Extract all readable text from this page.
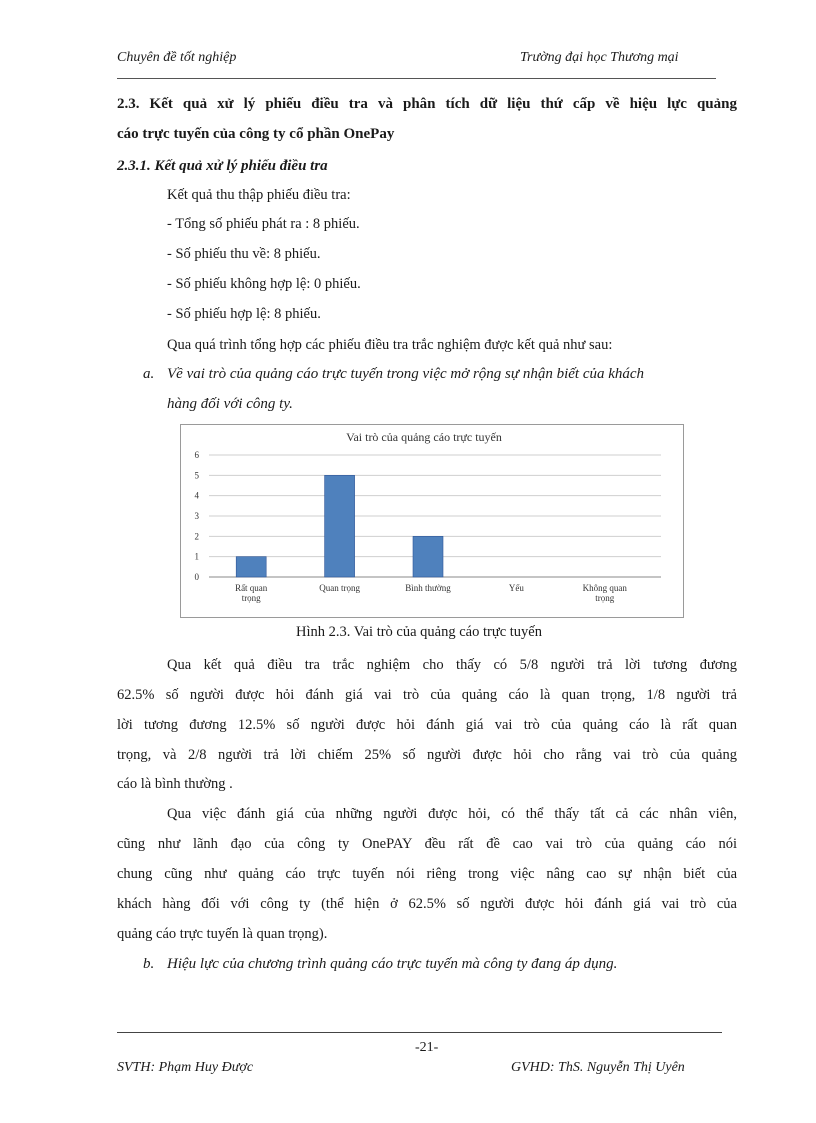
Chuyên đề tốt nghiệp	Trường đại học Thương mại
2.3. Kết quả xử lý phiếu điều tra và phân tích dữ liệu thứ cấp về hiệu lực quảng
cáo trực tuyến của công ty cổ phần OnePay
2.3.1. Kết quả xử lý phiếu điều tra
Kết quả thu thập phiếu điều tra:
- Tổng số phiếu phát ra : 8 phiếu.
- Số phiếu thu về: 8 phiếu.
- Số phiếu không hợp lệ: 0 phiếu.
- Số phiếu hợp lệ: 8 phiếu.
Qua quá trình tổng hợp các phiếu điều tra trắc nghiệm được kết quả như sau:
a. Về vai trò của quảng cáo trực tuyến trong việc mở rộng sự nhận biết của khách
hàng đối với công ty.
Vai trò của quảng cáo trực tuyến
0
1
2
3
4
5
6
Rất quan
trọng
Quan trọng	Bình thường	Yếu	Không quan
trọng
Hình 2.3. Vai trò của quảng cáo trực tuyến
Qua kết quả điều tra trắc nghiệm cho thấy có 5/8 người trả lời tương đương
62.5% số người được hỏi đánh giá vai trò của quảng cáo là quan trọng, 1/8 người trả
lời tương đương 12.5% số người được hỏi đánh giá vai trò của quảng cáo là rất quan
trọng, và 2/8 người trả lời chiếm 25% số người được hỏi cho rằng vai trò của quảng
cáo là bình thường .
Qua việc đánh giá của những người được hỏi, có thể thấy tất cả các nhân viên,
cũng như lãnh đạo của công ty OnePAY đều rất đề cao vai trò của quảng cáo nói
chung cũng như quảng cáo trực tuyến nói riêng trong việc nâng cao sự nhận biết của
khách hàng đối với công ty (thể hiện ở 62.5% số người được hỏi đánh giá vai trò của
quảng cáo trực tuyến là quan trọng).
b. Hiệu lực của chương trình quảng cáo trực tuyến mà công ty đang áp dụng.
-21-
SVTH: Phạm Huy Được	GVHD: ThS. Nguyễn Thị Uyên
